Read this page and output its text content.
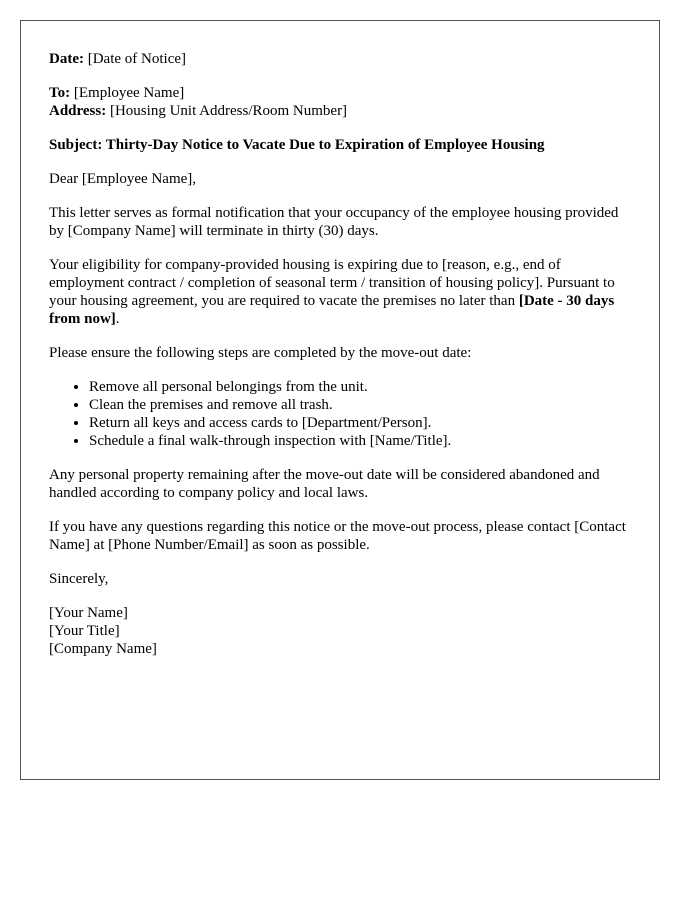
Date: [Date of Notice]
To: [Employee Name]
Address: [Housing Unit Address/Room Number]
Subject: Thirty-Day Notice to Vacate Due to Expiration of Employee Housing
Dear [Employee Name],
This letter serves as formal notification that your occupancy of the employee housing provided by [Company Name] will terminate in thirty (30) days.
Your eligibility for company-provided housing is expiring due to [reason, e.g., end of employment contract / completion of seasonal term / transition of housing policy]. Pursuant to your housing agreement, you are required to vacate the premises no later than [Date - 30 days from now].
Please ensure the following steps are completed by the move-out date:
• Remove all personal belongings from the unit.
• Clean the premises and remove all trash.
• Return all keys and access cards to [Department/Person].
• Schedule a final walk-through inspection with [Name/Title].
Any personal property remaining after the move-out date will be considered abandoned and handled according to company policy and local laws.
If you have any questions regarding this notice or the move-out process, please contact [Contact Name] at [Phone Number/Email] as soon as possible.
Sincerely,
[Your Name]
[Your Title]
[Company Name]
